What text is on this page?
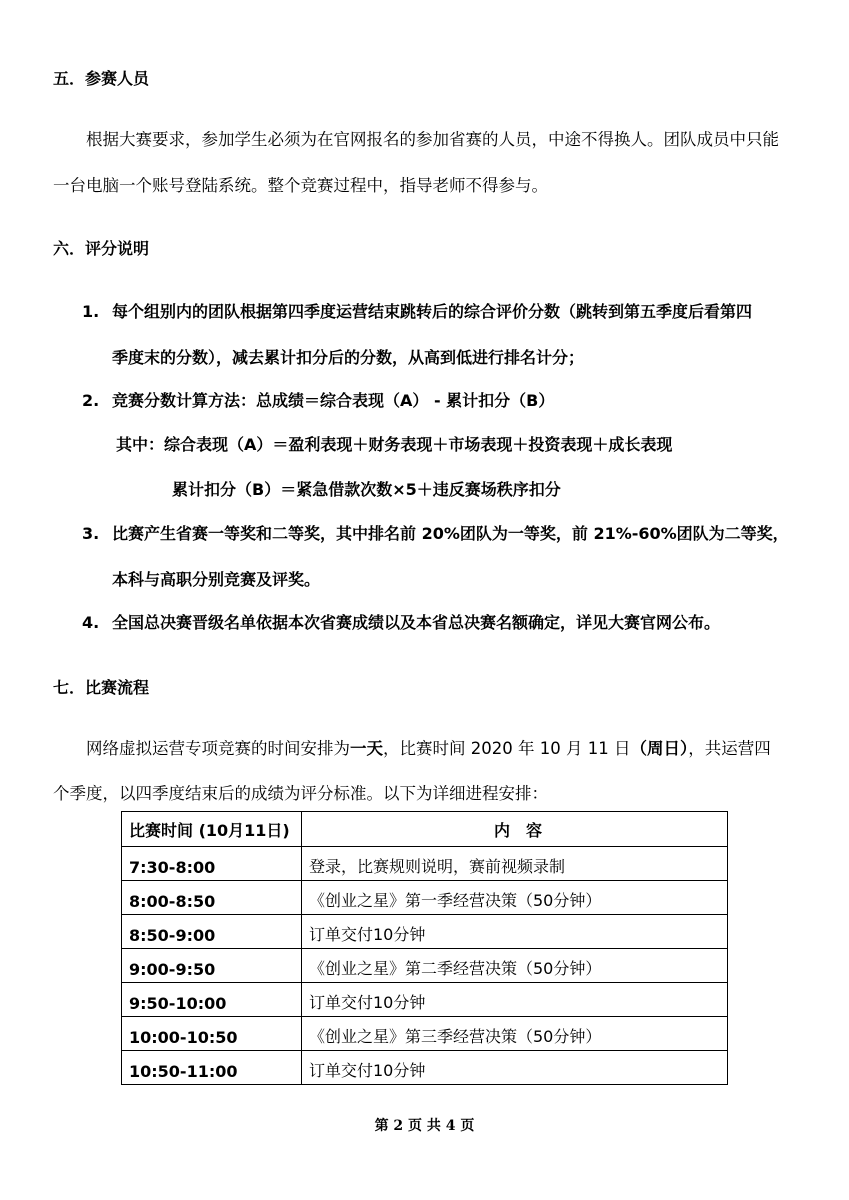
五．参赛人员
根据大赛要求，参加学生必须为在官网报名的参加省赛的人员，中途不得换人。团队成员中只能
一台电脑一个账号登陆系统。整个竞赛过程中，指导老师不得参与。
六．评分说明
1. 每个组别内的团队根据第四季度运营结束跳转后的综合评价分数（跳转到第五季度后看第四
季度末的分数），减去累计扣分后的分数，从高到低进行排名计分；
2. 竞赛分数计算方法：总成绩＝综合表现（A） - 累计扣分（B）
其中：综合表现（A）＝盈利表现＋财务表现＋市场表现＋投资表现＋成长表现
累计扣分（B）＝紧急借款次数×5＋违反赛场秩序扣分
3. 比赛产生省赛一等奖和二等奖，其中排名前 20%团队为一等奖，前 21%-60%团队为二等奖，
本科与高职分别竞赛及评奖。
4. 全国总决赛晋级名单依据本次省赛成绩以及本省总决赛名额确定，详见大赛官网公布。
七．比赛流程
网络虚拟运营专项竞赛的时间安排为一天，比赛时间 2020 年 10 月 11 日（周日），共运营四
个季度，以四季度结束后的成绩为评分标准。以下为详细进程安排：
比赛时间 (10月11日)	内　容
7:30-8:00	登录，比赛规则说明，赛前视频录制
8:00-8:50	《创业之星》第一季经营决策（50分钟）
8:50-9:00	订单交付10分钟
9:00-9:50	《创业之星》第二季经营决策（50分钟）
9:50-10:00	订单交付10分钟
10:00-10:50	《创业之星》第三季经营决策（50分钟）
10:50-11:00	订单交付10分钟
第 2 页 共 4 页
